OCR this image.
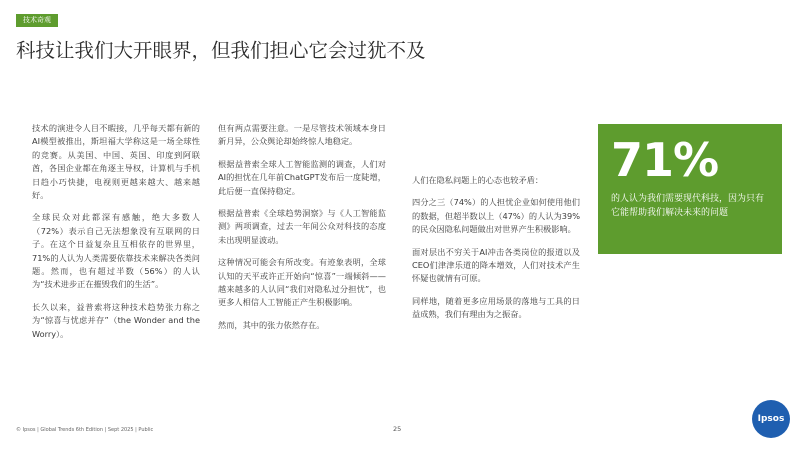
技术奇观
科技让我们大开眼界，但我们担心它会过犹不及

技术的演进令人目不暇接，几乎每天都有新的AI模型被推出，斯坦福大学称这是一场全球性的竞赛。从美国、中国、英国、印度到阿联酋，各国企业都在角逐主导权，计算机与手机日趋小巧快捷，电视则更越来越大、越来越好。

全球民众对此都深有感触，绝大多数人（72%）表示自己无法想象没有互联网的日子。在这个日益复杂且互相依存的世界里，71%的人认为人类需要依靠技术来解决各类问题。然而，也有超过半数（56%）的人认为“技术进步正在摧毁我们的生活”。

长久以来，益普索将这种技术趋势张力称之为“惊喜与忧虑并存”（the Wonder and the Worry）。

但有两点需要注意。一是尽管技术领域本身日新月异，公众舆论却始终惊人地稳定。

根据益普索全球人工智能监测的调查，人们对AI的担忧在几年前ChatGPT发布后一度陡增，此后便一直保持稳定。

根据益普索《全球趋势洞察》与《人工智能监测》两项调查，过去一年间公众对科技的态度未出现明显波动。

这种情况可能会有所改变。有迹象表明，全球认知的天平或许正开始向“惊喜”一端倾斜——越来越多的人认同“我们对隐私过分担忧”，也更多人相信人工智能正产生积极影响。

然而，其中的张力依然存在。

人们在隐私问题上的心态也较矛盾：

四分之三（74%）的人担忧企业如何使用他们的数据，但超半数以上（47%）的人认为39%的民众因隐私问题做出对世界产生积极影响。

面对层出不穷关于AI冲击各类岗位的报道以及CEO们津津乐道的降本增效，人们对技术产生怀疑也就情有可原。

同样地，随着更多应用场景的落地与工具的日益成熟，我们有理由为之振奋。

71%
的人认为我们需要现代科技，因为只有它能帮助我们解决未来的问题
© Ipsos | Global Trends 6th Edition | Sept 2025 | Public	25
Ipsos
